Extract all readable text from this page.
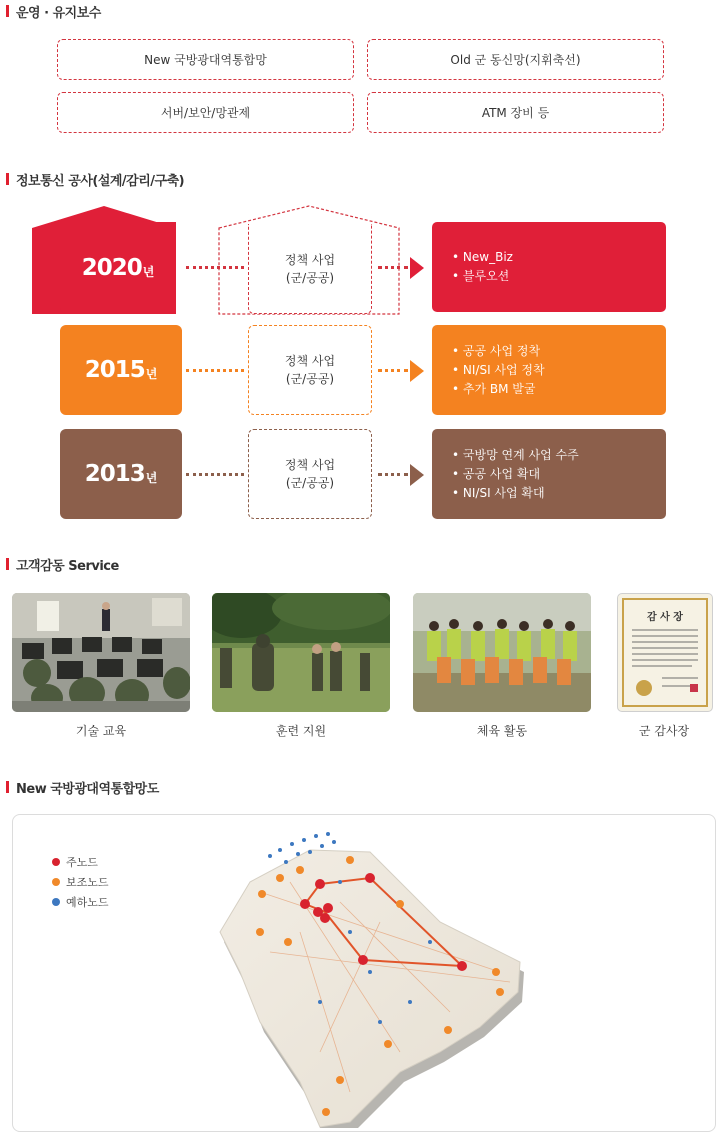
운영 · 유지보수
New 국방광대역통합망	Old 군 동신망(지휘축선)
서버/보안/망관제	ATM 장비 등
정보통신 공사(설계/감리/구축)
2020 년
정책 사업
(군/공공)
• New_Biz
• 블루오션
2015 년
정책 사업
(군/공공)
• 공공 사업 정착
• NI/SI 사업 정착
• 추가 BM 발굴
2013 년
정책 사업
(군/공공)
• 국방망 연계 사업 수주
• 공공 사업 확대
• NI/SI 사업 확대
고객감동 Service
기술 교육	훈련 지원	체육 활동
감 사 장
군 감사장
New 국방광대역통합망도
주노드
보조노드
예하노드
